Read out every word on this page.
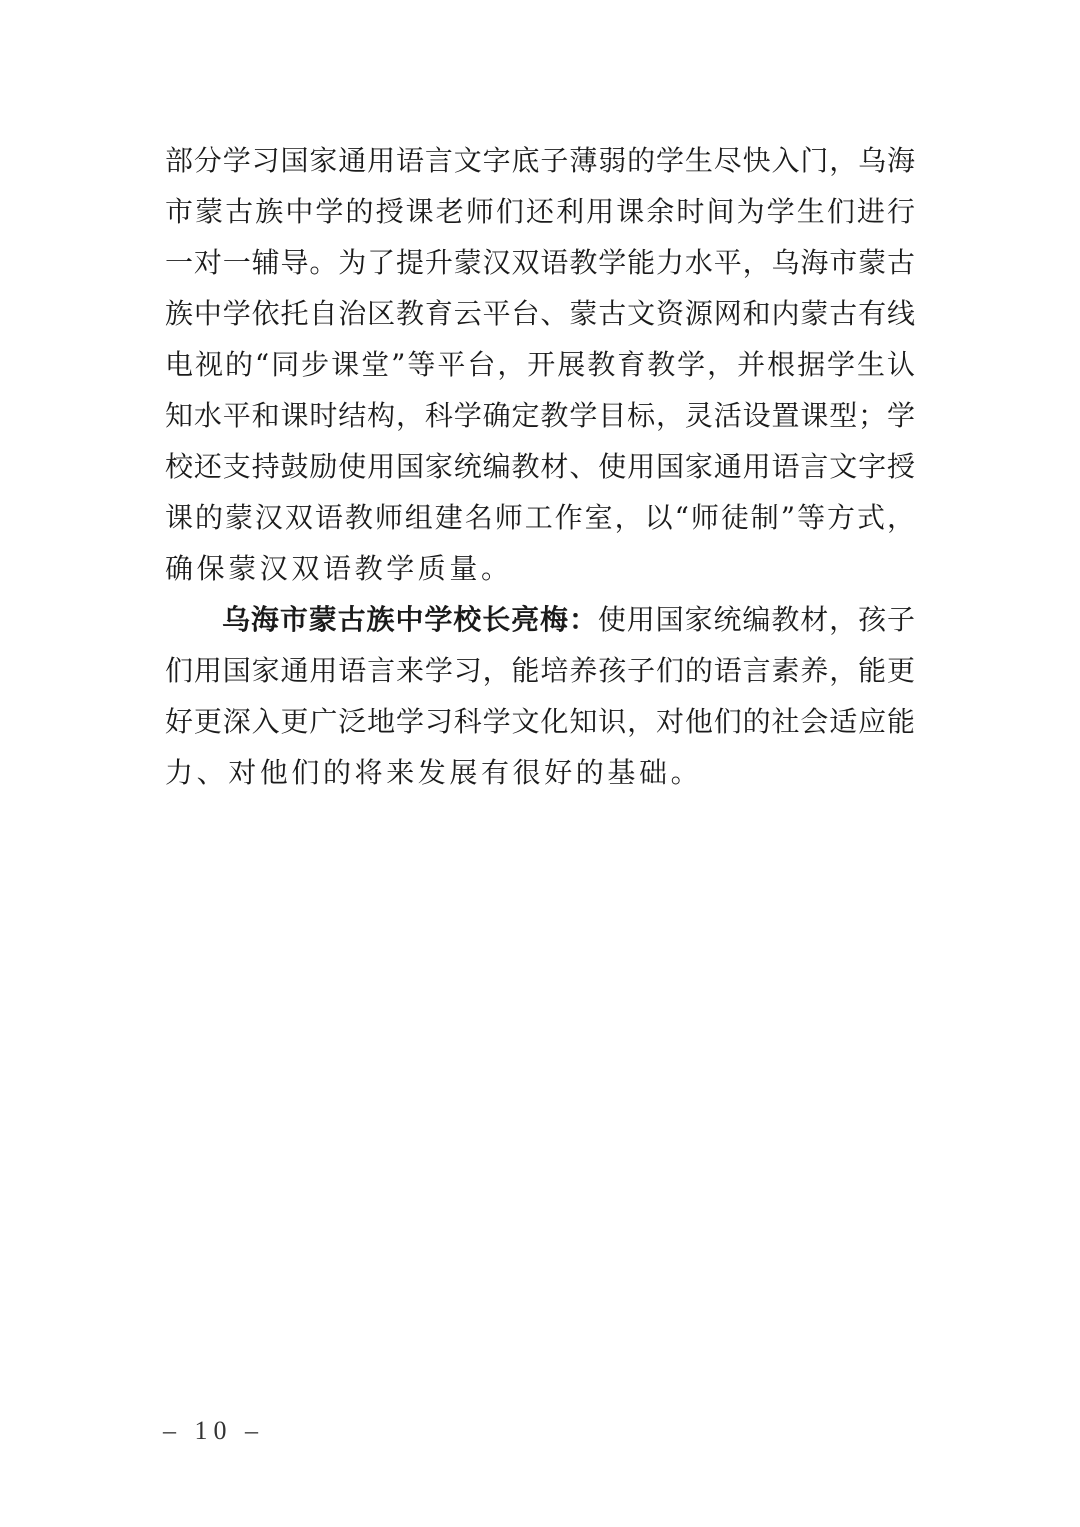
部分学习国家通用语言文字底子薄弱的学生尽快入门，乌海
市蒙古族中学的授课老师们还利用课余时间为学生们进行
一对一辅导。为了提升蒙汉双语教学能力水平，乌海市蒙古
族中学依托自治区教育云平台、蒙古文资源网和内蒙古有线
电视的“同步课堂”等平台，开展教育教学，并根据学生认
知水平和课时结构，科学确定教学目标，灵活设置课型；学
校还支持鼓励使用国家统编教材、使用国家通用语言文字授
课的蒙汉双语教师组建名师工作室，以“师徒制”等方式，
确保蒙汉双语教学质量。
乌海市蒙古族中学校长亮梅：使用国家统编教材，孩子
们用国家通用语言来学习，能培养孩子们的语言素养，能更
好更深入更广泛地学习科学文化知识，对他们的社会适应能
力、对他们的将来发展有很好的基础。
– 10 –
